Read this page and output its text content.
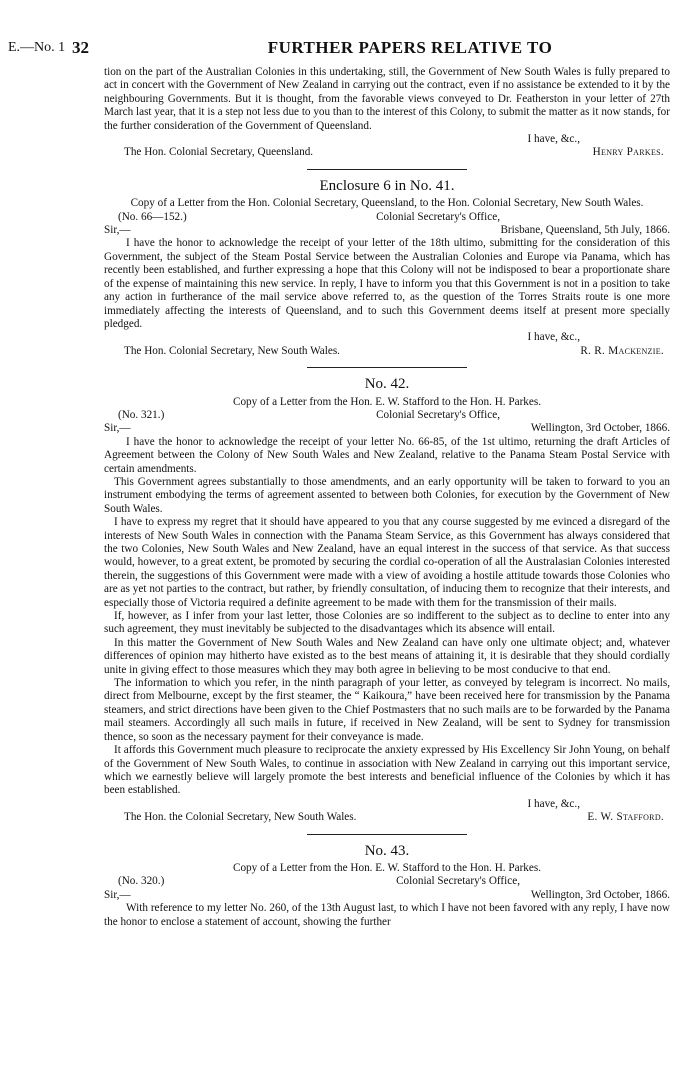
E.—No. 1 32	FURTHER PAPERS RELATIVE TO

tion on the part of the Australian Colonies in this undertaking, still, the Government of New South Wales is fully prepared to act in concert with the Government of New Zealand in carrying out the contract, even if no assistance be extended to it by the neighbouring Governments. But it is thought, from the favorable views conveyed to Dr. Featherston in your letter of 27th March last year, that it is a step not less due to you than to the interest of this Colony, to submit the matter as it now stands, for the further consideration of the Government of Queensland.

I have, &c.,

The Hon. Colonial Secretary, Queensland.	Henry Parkes.
Enclosure 6 in No. 41.

Copy of a Letter from the Hon. Colonial Secretary, Queensland, to the Hon. Colonial Secretary, New South Wales.

(No. 66—152.)	Colonial Secretary's Office,
Sir,—	Brisbane, Queensland, 5th July, 1866.

I have the honor to acknowledge the receipt of your letter of the 18th ultimo, submitting for the consideration of this Government, the subject of the Steam Postal Service between the Australian Colonies and Europe via Panama, which has recently been established, and further expressing a hope that this Colony will not be indisposed to bear a proportionate share of the expense of maintaining this new service. In reply, I have to inform you that this Government is not in a position to take any action in furtherance of the mail service above referred to, as the question of the Torres Straits route is one more immediately affecting the interests of Queensland, and to such this Government deems itself at present more specially pledged.

I have, &c.,

The Hon. Colonial Secretary, New South Wales.	R. R. Mackenzie.
No. 42.

Copy of a Letter from the Hon. E. W. Stafford to the Hon. H. Parkes.

(No. 321.)	Colonial Secretary's Office,
Sir,—	Wellington, 3rd October, 1866.

I have the honor to acknowledge the receipt of your letter No. 66-85, of the 1st ultimo, returning the draft Articles of Agreement between the Colony of New South Wales and New Zealand, relative to the Panama Steam Postal Service with certain amendments.

This Government agrees substantially to those amendments, and an early opportunity will be taken to forward to you an instrument embodying the terms of agreement assented to between both Colonies, for execution by the Government of New South Wales.

I have to express my regret that it should have appeared to you that any course suggested by me evinced a disregard of the interests of New South Wales in connection with the Panama Steam Service, as this Government has always considered that the two Colonies, New South Wales and New Zealand, have an equal interest in the success of that service. As that success would, however, to a great extent, be promoted by securing the cordial co-operation of all the Australasian Colonies interested therein, the suggestions of this Government were made with a view of avoiding a hostile attitude towards those Colonies who are as yet not parties to the contract, but rather, by friendly consultation, of inducing them to recognize that their interests, and especially those of Victoria required a definite agreement to be made with them for the transmission of their mails.

If, however, as I infer from your last letter, those Colonies are so indifferent to the subject as to decline to enter into any such agreement, they must inevitably be subjected to the disadvantages which its absence will entail.

In this matter the Government of New South Wales and New Zealand can have only one ultimate object; and, whatever differences of opinion may hitherto have existed as to the best means of attaining it, it is desirable that they should cordially unite in giving effect to those measures which they may both agree in believing to be most conducive to that end.

The information to which you refer, in the ninth paragraph of your letter, as conveyed by telegram is incorrect. No mails, direct from Melbourne, except by the first steamer, the “ Kaikoura,” have been received here for transmission by the Panama steamers, and strict directions have been given to the Chief Postmasters that no such mails are to be forwarded by the Panama mail steamers. Accordingly all such mails in future, if received in New Zealand, will be sent to Sydney for transmission thence, so soon as the necessary payment for their conveyance is made.

It affords this Government much pleasure to reciprocate the anxiety expressed by His Excellency Sir John Young, on behalf of the Government of New South Wales, to continue in association with New Zealand in carrying out this important service, which we earnestly believe will largely promote the best interests and beneficial influence of the Colonies by which it has been established.

I have, &c.,

The Hon. the Colonial Secretary, New South Wales.	E. W. Stafford.
No. 43.

Copy of a Letter from the Hon. E. W. Stafford to the Hon. H. Parkes.

(No. 320.)	Colonial Secretary's Office,
Sir,—	Wellington, 3rd October, 1866.

With reference to my letter No. 260, of the 13th August last, to which I have not been favored with any reply, I have now the honor to enclose a statement of account, showing the further
